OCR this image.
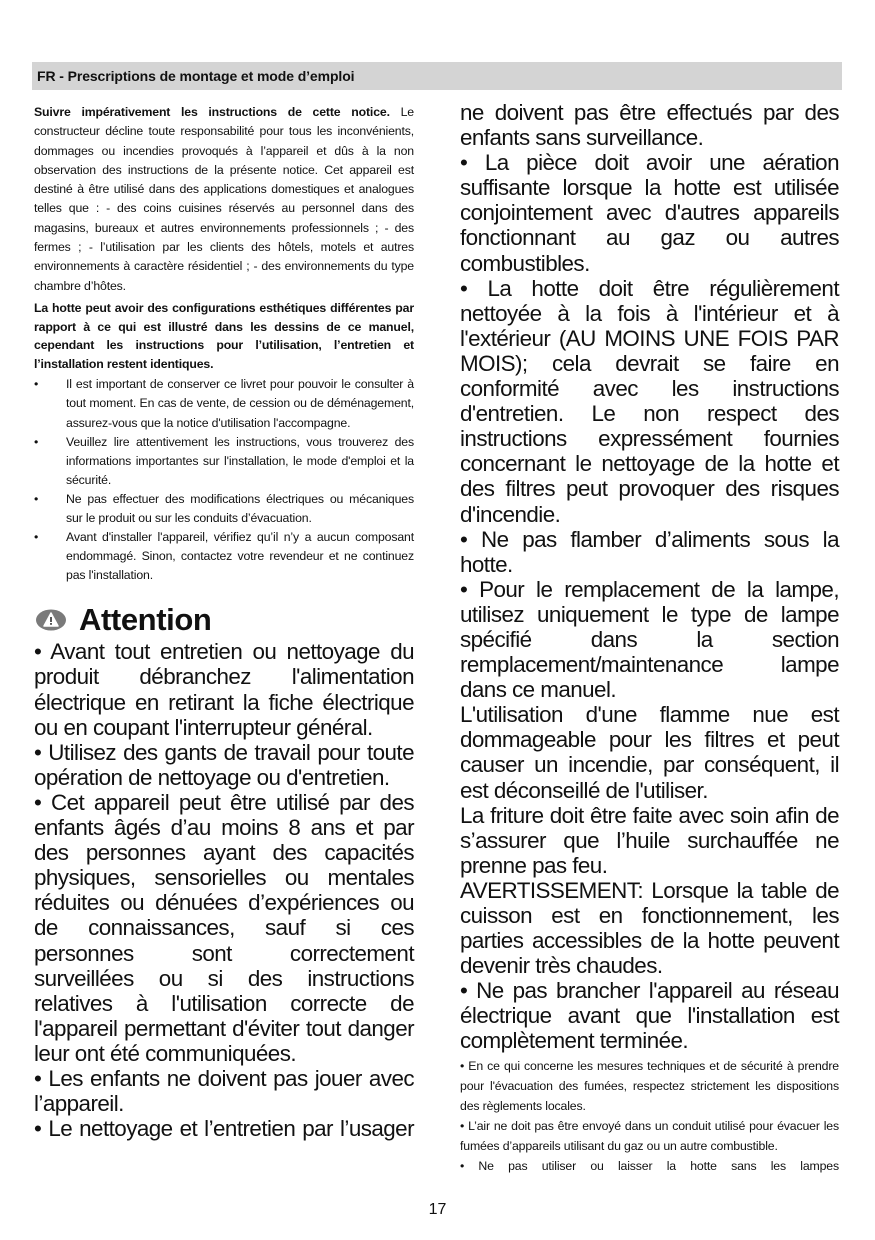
FR - Prescriptions de montage et mode d’emploi

Suivre impérativement les instructions de cette notice. Le constructeur décline toute responsabilité pour tous les inconvénients, dommages ou incendies provoqués à l’appareil et dûs à la non observation des instructions de la présente notice. Cet appareil est destiné à être utilisé dans des applications domestiques et analogues telles que : - des coins cuisines réservés au personnel dans des magasins, bureaux et autres environnements professionnels ; - des fermes ; - l’utilisation par les clients des hôtels, motels et autres environnements à caractère résidentiel ; - des environnements du type chambre d’hôtes.

La hotte peut avoir des configurations esthétiques différentes par rapport à ce qui est illustré dans les dessins de ce manuel, cependant les instructions pour l’utilisation, l’entretien et l’installation restent identiques.

• Il est important de conserver ce livret pour pouvoir le consulter à tout moment. En cas de vente, de cession ou de déménagement, assurez-vous que la notice d'utilisation l'accompagne.
• Veuillez lire attentivement les instructions, vous trouverez des informations importantes sur l'installation, le mode d'emploi et la sécurité.
• Ne pas effectuer des modifications électriques ou mécaniques sur le produit ou sur les conduits d’évacuation.
• Avant d'installer l'appareil, vérifiez qu’il n’y a aucun composant endommagé. Sinon, contactez votre revendeur et ne continuez pas l'installation.
Attention

• Avant tout entretien ou nettoyage du produit débranchez l'alimentation électrique en retirant la fiche électrique ou en coupant l'interrupteur général.

• Utilisez des gants de travail pour toute opération de nettoyage ou d'entretien.

• Cet appareil peut être utilisé par des enfants âgés d’au moins 8 ans et par des personnes ayant des capacités physiques, sensorielles ou mentales réduites ou dénuées d’expériences ou de connaissances, sauf si ces personnes sont correctement surveillées ou si des instructions relatives à l'utilisation correcte de l'appareil permettant d'éviter tout danger leur ont été communiquées.

• Les enfants ne doivent pas jouer avec l’appareil.

• Le nettoyage et l’entretien par l’usager

ne doivent pas être effectués par des enfants sans surveillance.

• La pièce doit avoir une aération suffisante lorsque la hotte est utilisée conjointement avec d'autres appareils fonctionnant au gaz ou autres combustibles.

• La hotte doit être régulièrement nettoyée à la fois à l'intérieur et à l'extérieur (AU MOINS UNE FOIS PAR MOIS); cela devrait se faire en conformité avec les instructions d'entretien. Le non respect des instructions expressément fournies concernant le nettoyage de la hotte et des filtres peut provoquer des risques d'incendie.

• Ne pas flamber d’aliments sous la hotte.

• Pour le remplacement de la lampe, utilisez uniquement le type de lampe spécifié dans la section remplacement/maintenance lampe dans ce manuel.

L'utilisation d'une flamme nue est dommageable pour les filtres et peut causer un incendie, par conséquent, il est déconseillé de l'utiliser.

La friture doit être faite avec soin afin de s’assurer que l’huile surchauffée ne prenne pas feu.

AVERTISSEMENT: Lorsque la table de cuisson est en fonctionnement, les parties accessibles de la hotte peuvent devenir très chaudes.

• Ne pas brancher l'appareil au réseau électrique avant que l'installation est complètement terminée.

• En ce qui concerne les mesures techniques et de sécurité à prendre pour l'évacuation des fumées, respectez strictement les dispositions des règlements locales.

• L’air ne doit pas être envoyé dans un conduit utilisé pour évacuer les fumées d’appareils utilisant du gaz ou un autre combustible.

• Ne pas utiliser ou laisser la hotte sans les lampes

17
